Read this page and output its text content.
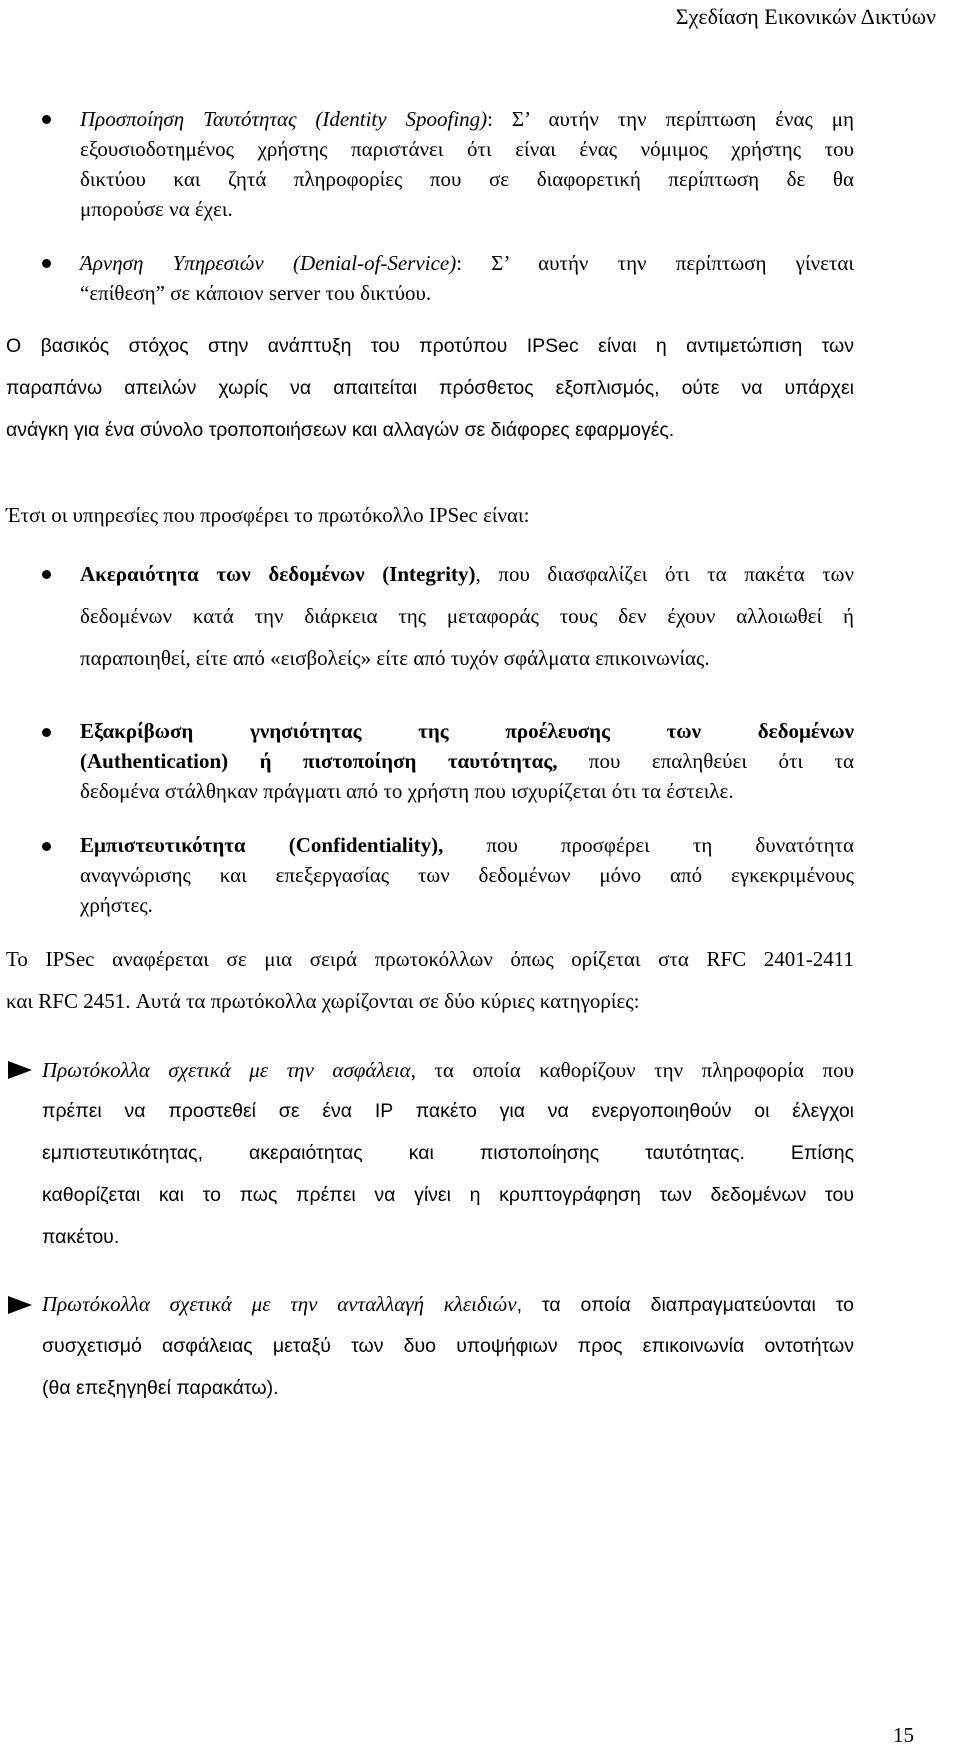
Σχεδίαση Εικονικών Δικτύων
Προσποίηση Ταυτότητας (Identity Spoofing): Σ’ αυτήν την περίπτωση ένας μη
εξουσιοδοτημένος χρήστης παριστάνει ότι είναι ένας νόμιμος χρήστης του
δικτύου και ζητά πληροφορίες που σε διαφορετική περίπτωση δε θα
μπορούσε να έχει.
Άρνηση Υπηρεσιών (Denial-of-Service): Σ’ αυτήν την περίπτωση γίνεται
“επίθεση” σε κάποιον server του δικτύου.
Ο βασικός στόχος στην ανάπτυξη του προτύπου IPSec είναι η αντιμετώπιση των
παραπάνω απειλών χωρίς να απαιτείται πρόσθετος εξοπλισμός, ούτε να υπάρχει
ανάγκη για ένα σύνολο τροποποιήσεων και αλλαγών σε διάφορες εφαρμογές.
Έτσι οι υπηρεσίες που προσφέρει το πρωτόκολλο IPSec είναι:
Ακεραιότητα των δεδομένων (Integrity), που διασφαλίζει ότι τα πακέτα των
δεδομένων κατά την διάρκεια της μεταφοράς τους δεν έχουν αλλοιωθεί ή
παραποιηθεί, είτε από «εισβολείς» είτε από τυχόν σφάλματα επικοινωνίας.
Εξακρίβωση γνησιότητας της προέλευσης των δεδομένων
(Authentication) ή πιστοποίηση ταυτότητας, που επαληθεύει ότι τα
δεδομένα στάλθηκαν πράγματι από το χρήστη που ισχυρίζεται ότι τα έστειλε.
Εμπιστευτικότητα (Confidentiality), που προσφέρει τη δυνατότητα
αναγνώρισης και επεξεργασίας των δεδομένων μόνο από εγκεκριμένους
χρήστες.
Το IPSec αναφέρεται σε μια σειρά πρωτοκόλλων όπως ορίζεται στα RFC 2401-2411
και RFC 2451. Αυτά τα πρωτόκολλα χωρίζονται σε δύο κύριες κατηγορίες:
Πρωτόκολλα σχετικά με την ασφάλεια, τα οποία καθορίζουν την πληροφορία που
πρέπει να προστεθεί σε ένα IP πακέτο για να ενεργοποιηθούν οι έλεγχοι
εμπιστευτικότητας, ακεραιότητας και πιστοποίησης ταυτότητας. Επίσης
καθορίζεται και το πως πρέπει να γίνει η κρυπτογράφηση των δεδομένων του
πακέτου.
Πρωτόκολλα σχετικά με την ανταλλαγή κλειδιών, τα οποία διαπραγματεύονται το
συσχετισμό ασφάλειας μεταξύ των δυο υποψήφιων προς επικοινωνία οντοτήτων
(θα επεξηγηθεί παρακάτω).
15
